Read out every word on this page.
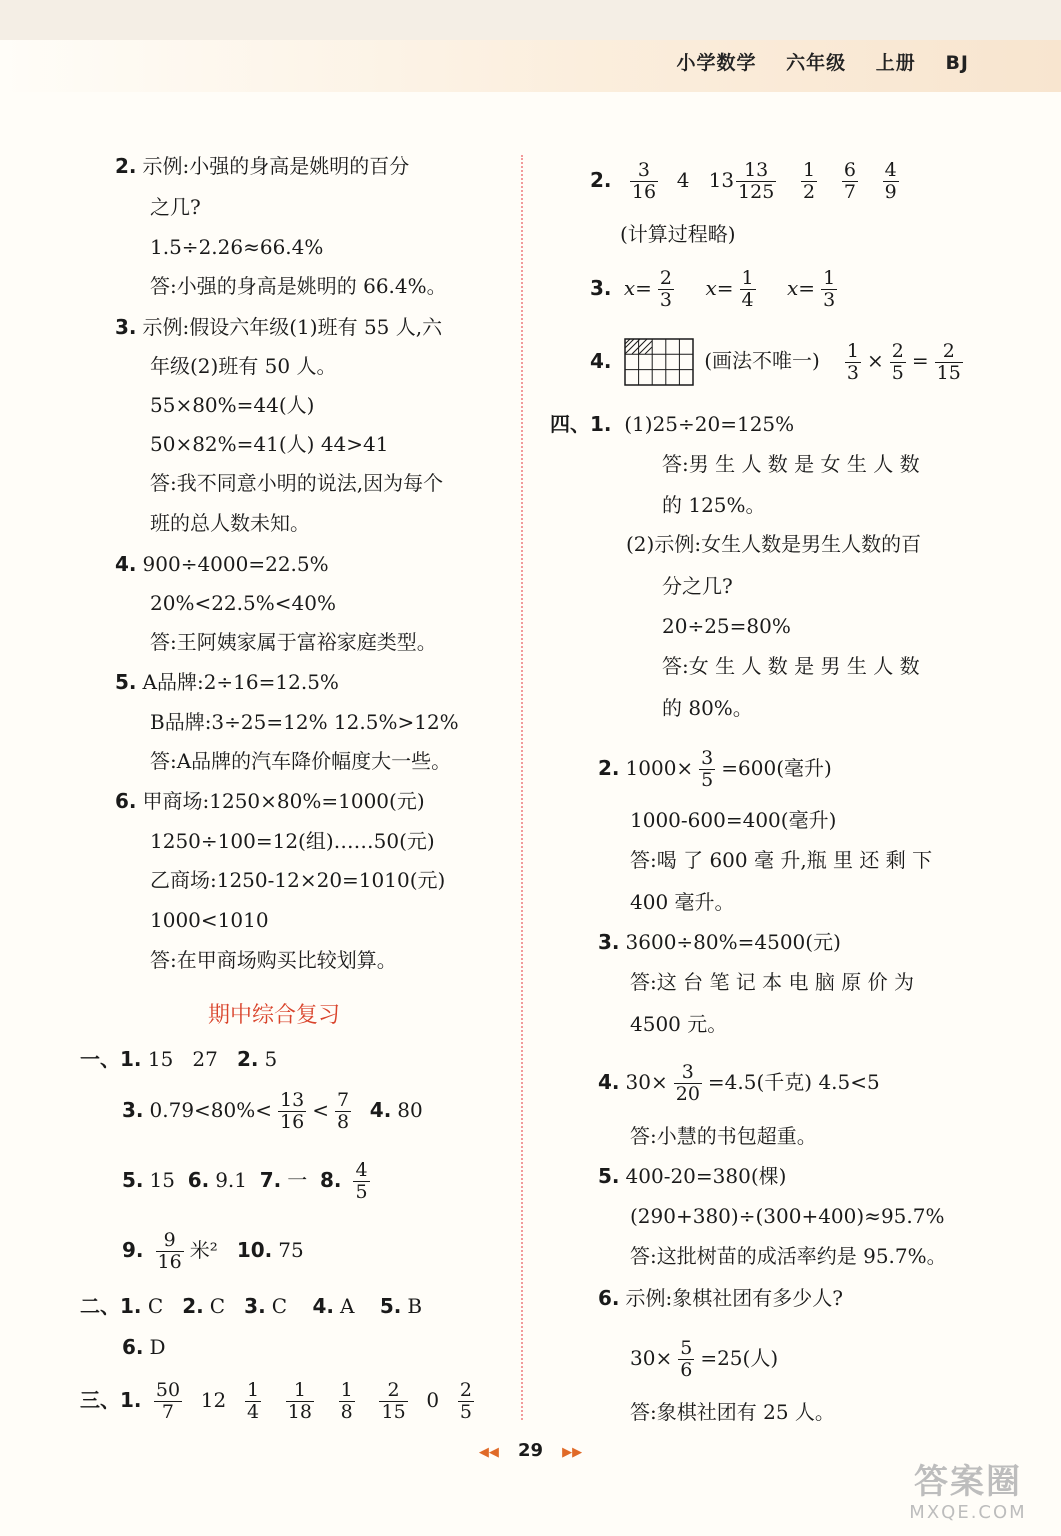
小学数学 六年级 上册 BJ
2. 示例:小强的身高是姚明的百分
之几?
1.5÷2.26≈66.4%
答:小强的身高是姚明的 66.4%。
3. 示例:假设六年级(1)班有 55 人,六
年级(2)班有 50 人。
55×80%=44(人)
50×82%=41(人) 44>41
答:我不同意小明的说法,因为每个
班的总人数未知。
4. 900÷4000=22.5%
20%<22.5%<40%
答:王阿姨家属于富裕家庭类型。
5. A品牌:2÷16=12.5%
B品牌:3÷25=12% 12.5%>12%
答:A品牌的汽车降价幅度大一些。
6. 甲商场:1250×80%=1000(元)
1250÷100=12(组)……50(元)
乙商场:1250-12×20=1010(元)
1000<1010
答:在甲商场购买比较划算。
期中综合复习
一、1. 15 27 2. 5
3. $0.79<80\%< \frac{13}{16} < \frac{7}{8} 4$. 80
5. 15 6. 9.1 7. 一 8. $\frac{4}{5}$
9. $\frac{9}{16}$ 米² 10. 75
二、1. C 2. C 3. C 4. A 5. B
6. D
三、1. $\frac{50}{7} 12 \frac{1}{4}$
$\frac{1}{18}$
$\frac{1}{8}$
$\frac{2}{15} 0 \frac{2}{5}$
2. $\frac{3}{16} 4$ $13 \frac{13}{125}$
$\frac{1}{2}$
$\frac{6}{7}$
$\frac{4}{9}$
(计算过程略)
3. $x= \frac{2}{3} x= \frac{1}{4} x= \frac{1}{3}$
4.	(画法不唯一) $\frac{1}{3} \times \frac{2}{5} = \frac{2}{15}$
四、1. (1)25÷20=125%
答:男 生 人 数 是 女 生 人 数
的 125%。
(2)示例:女生人数是男生人数的百
分之几?
20÷25=80%
答:女 生 人 数 是 男 生 人 数
的 80%。
2. $1000\times \frac{3}{5} =600$(毫升)
1000-600=400(毫升)
答:喝 了 600 毫 升,瓶 里 还 剩 下
400 毫升。
3. 3600÷80%=4500(元)
答:这 台 笔 记 本 电 脑 原 价 为
4500 元。
4. $30\times \frac{3}{20} =4.5$(千克) 4.5<5
答:小慧的书包超重。
5. 400-20=380(棵)
(290+380)÷(300+400)≈95.7%
答:这批树苗的成活率约是 95.7%。
6. 示例:象棋社团有多少人?
$30\times \frac{5}{6} =25$(人)
答:象棋社团有 25 人。
◀◀ 29 ▶▶
答案圈
MXQE.COM
